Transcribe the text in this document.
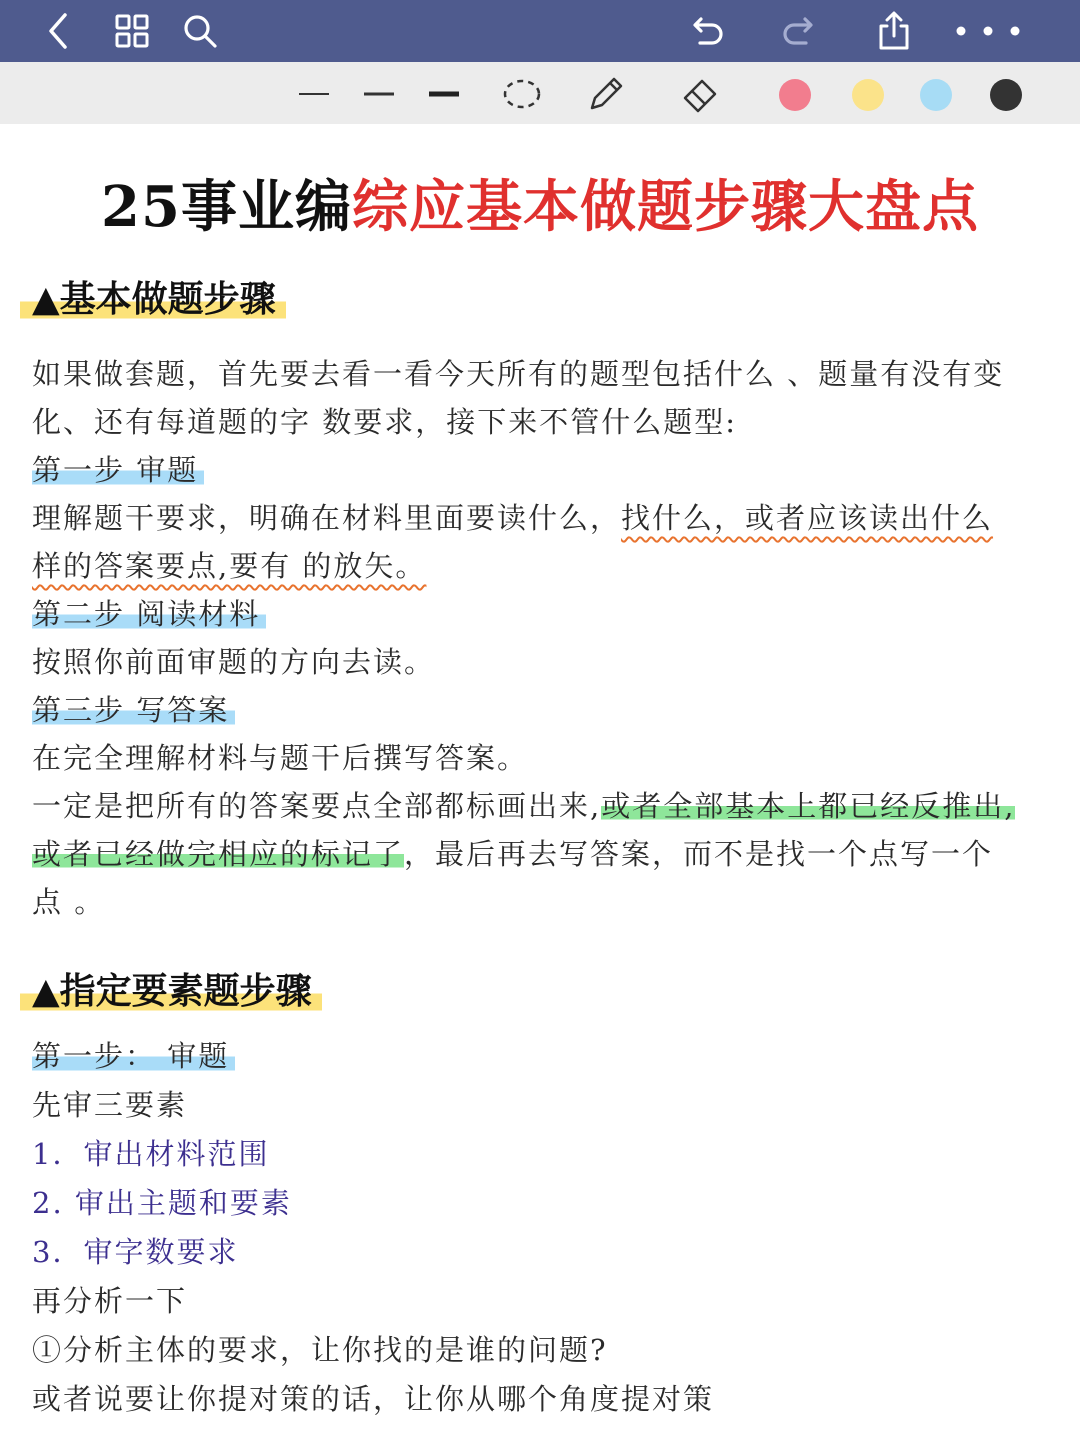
25事业编综应基本做题步骤大盘点
▲基本做题步骤
如果做套题，首先要去看一看今天所有的题型包括什么 、题量有没有变
化、还有每道题的字 数要求，接下来不管什么题型:
第一步 审题
理解题干要求，明确在材料里面要读什么，找什么，或者应该读出什么
样的答案要点,要有 的放矢。
第二步 阅读材料
按照你前面审题的方向去读。
第三步 写答案
在完全理解材料与题干后撰写答案。
一定是把所有的答案要点全部都标画出来,或者全部基本上都已经反推出,
或者已经做完相应的标记了，最后再去写答案，而不是找一个点写一个
点 。
▲指定要素题步骤
第一步： 审题
先审三要素
1．审出材料范围
2. 审出主题和要素
3．审字数要求
再分析一下
①分析主体的要求，让你找的是谁的问题?
或者说要让你提对策的话，让你从哪个角度提对策
